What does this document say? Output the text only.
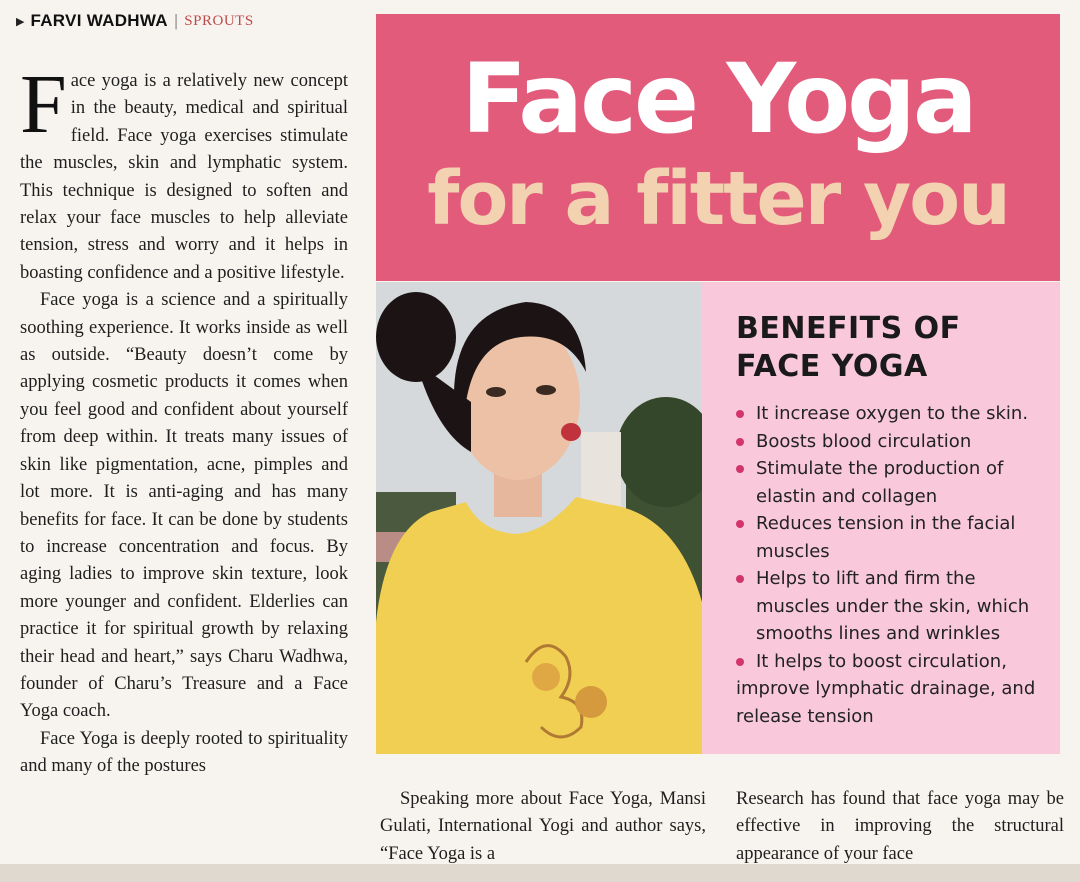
▶ FARVI WADHWA | SPROUTS

Face yoga is a relatively new concept in the beauty, medical and spiritual field. Face yoga exercises stimulate the muscles, skin and lymphatic system. This technique is designed to soften and relax your face muscles to help alleviate tension, stress and worry and it helps in boasting confidence and a positive lifestyle.

Face yoga is a science and a spiritually soothing experience. It works inside as well as outside. “Beauty doesn’t come by applying cosmetic products it comes when you feel good and confident about yourself from deep within. It treats many issues of skin like pigmentation, acne, pimples and lot more. It is anti-aging and has many benefits for face. It can be done by students to increase concentration and focus. By aging ladies to improve skin texture, look more younger and confident. Elderlies can practice it for spiritual growth by relaxing their head and heart,” says Charu Wadhwa, founder of Charu’s Treasure and a Face Yoga coach.

Face Yoga is deeply rooted to spirituality and many of the postures

Face Yoga
for a fitter you
BENEFITS OF
FACE YOGA
It increase oxygen to the skin.
Boosts blood circulation
Stimulate the production of elastin and collagen
Reduces tension in the facial muscles
Helps to lift and firm the muscles under the skin, which smooths lines and wrinkles
It helps to boost circulation, improve lymphatic drainage, and release tension

Speaking more about Face Yoga, Mansi Gulati, International Yogi and author says, “Face Yoga is a

Research has found that face yoga may be effective in improving the structural appearance of your face
